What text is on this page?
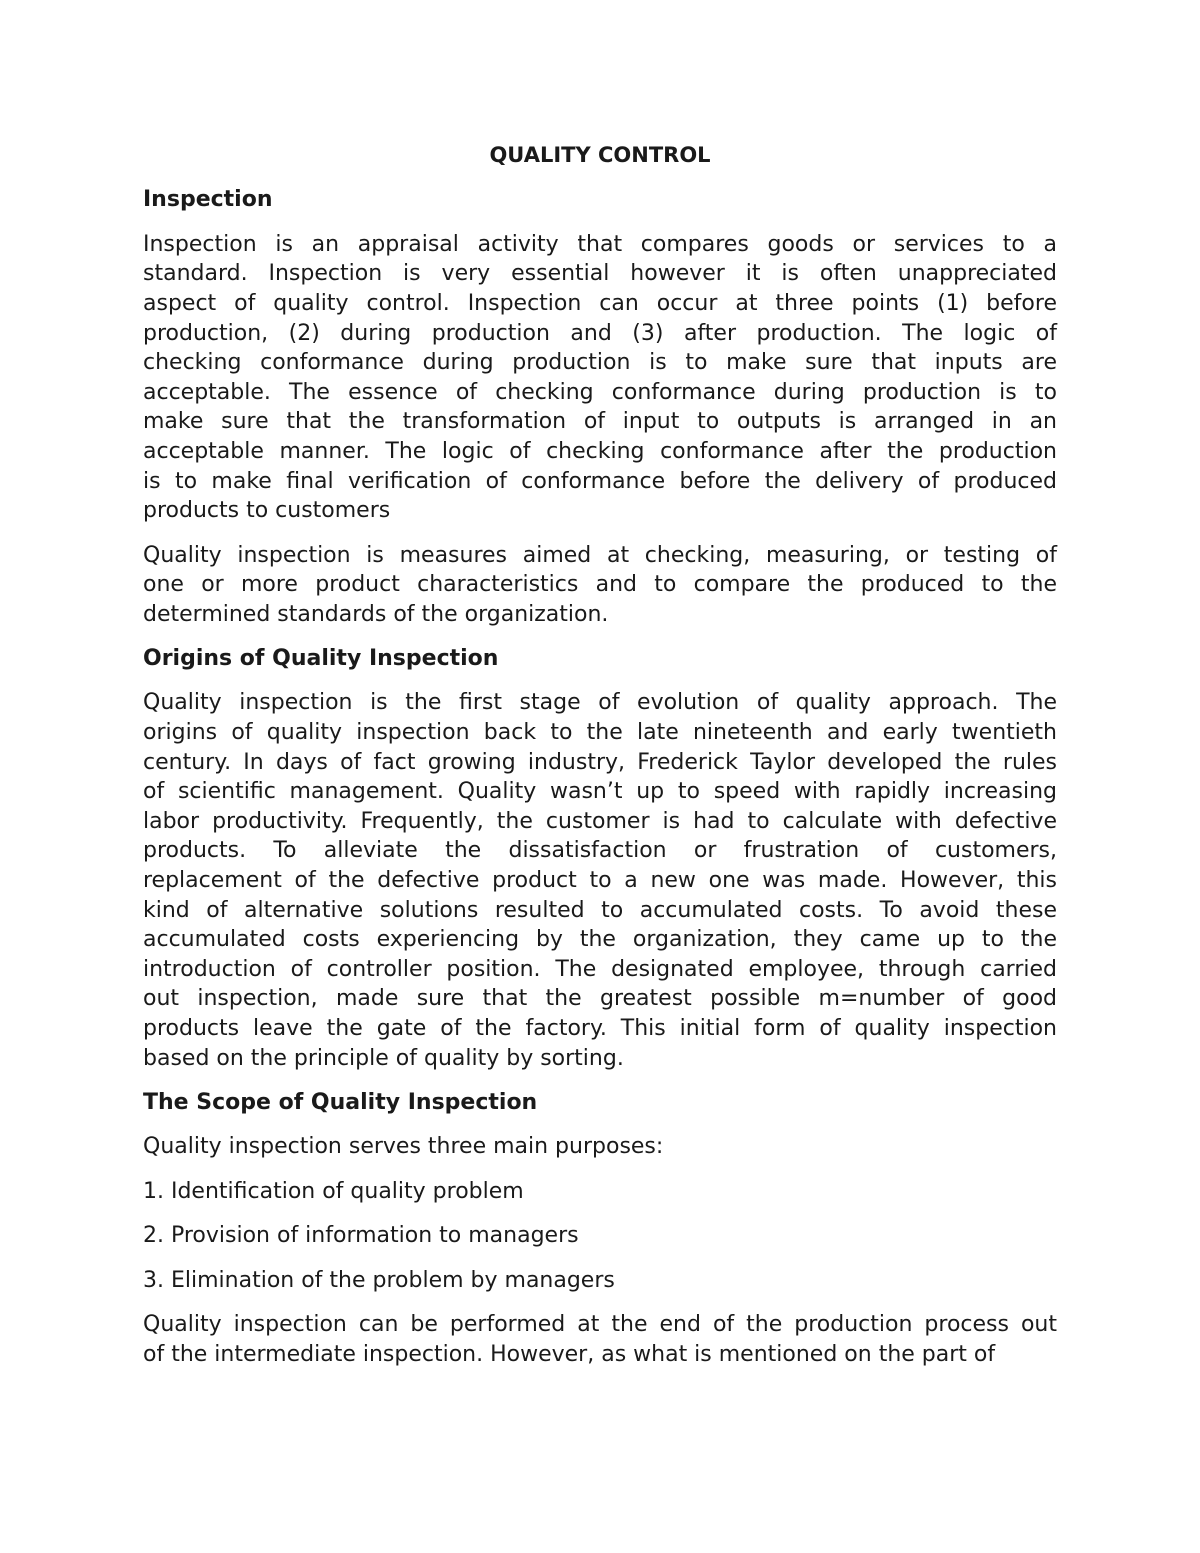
QUALITY CONTROL
Inspection
Inspection is an appraisal activity that compares goods or services to a
standard. Inspection is very essential however it is often unappreciated
aspect of quality control. Inspection can occur at three points (1) before
production, (2) during production and (3) after production. The logic of
checking conformance during production is to make sure that inputs are
acceptable. The essence of checking conformance during production is to
make sure that the transformation of input to outputs is arranged in an
acceptable manner. The logic of checking conformance after the production
is to make final verification of conformance before the delivery of produced
products to customers
Quality inspection is measures aimed at checking, measuring, or testing of
one or more product characteristics and to compare the produced to the
determined standards of the organization.
Origins of Quality Inspection
Quality inspection is the first stage of evolution of quality approach. The
origins of quality inspection back to the late nineteenth and early twentieth
century. In days of fact growing industry, Frederick Taylor developed the rules
of scientific management. Quality wasn’t up to speed with rapidly increasing
labor productivity. Frequently, the customer is had to calculate with defective
products. To alleviate the dissatisfaction or frustration of customers,
replacement of the defective product to a new one was made. However, this
kind of alternative solutions resulted to accumulated costs. To avoid these
accumulated costs experiencing by the organization, they came up to the
introduction of controller position. The designated employee, through carried
out inspection, made sure that the greatest possible m=number of good
products leave the gate of the factory. This initial form of quality inspection
based on the principle of quality by sorting.
The Scope of Quality Inspection
Quality inspection serves three main purposes:
1. Identification of quality problem
2. Provision of information to managers
3. Elimination of the problem by managers
Quality inspection can be performed at the end of the production process out
of the intermediate inspection. However, as what is mentioned on the part of
